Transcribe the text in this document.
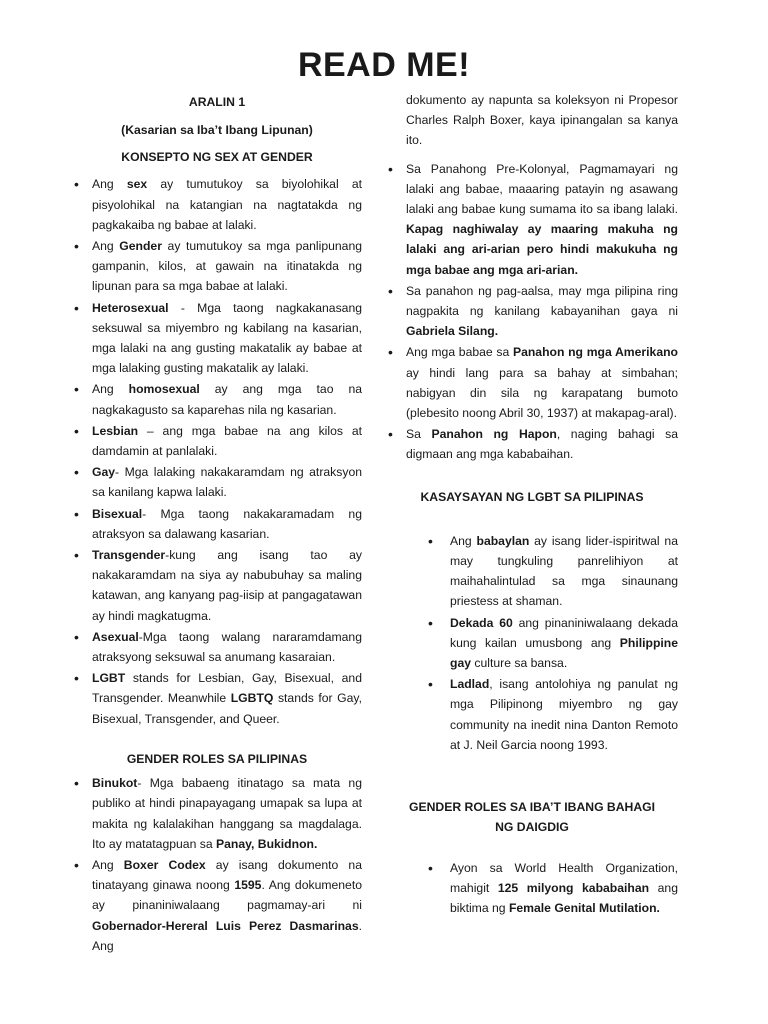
READ ME!

ARALIN 1

(Kasarian sa Iba’t Ibang Lipunan)

KONSEPTO NG SEX AT GENDER

• Ang sex ay tumutukoy sa biyolohikal at pisyolohikal na katangian na nagtatakda ng pagkakaiba ng babae at lalaki.
• Ang Gender ay tumutukoy sa mga panlipunang gampanin, kilos, at gawain na itinatakda ng lipunan para sa mga babae at lalaki.
• Heterosexual - Mga taong nagkakanasang seksuwal sa miyembro ng kabilang na kasarian, mga lalaki na ang gusting makatalik ay babae at mga lalaking gusting makatalik ay lalaki.
• Ang homosexual ay ang mga tao na nagkakagusto sa kaparehas nila ng kasarian.
• Lesbian – ang mga babae na ang kilos at damdamin at panlalaki.
• Gay- Mga lalaking nakakaramdam ng atraksyon sa kanilang kapwa lalaki.
• Bisexual- Mga taong nakakaramadam ng atraksyon sa dalawang kasarian.
• Transgender-kung ang isang tao ay nakakaramdam na siya ay nabubuhay sa maling katawan, ang kanyang pag-iisip at pangagatawan ay hindi magkatugma.
• Asexual-Mga taong walang nararamdamang atraksyong seksuwal sa anumang kasaraian.
• LGBT stands for Lesbian, Gay, Bisexual, and Transgender. Meanwhile LGBTQ stands for Gay, Bisexual, Transgender, and Queer.

GENDER ROLES SA PILIPINAS

• Binukot- Mga babaeng itinatago sa mata ng publiko at hindi pinapayagang umapak sa lupa at makita ng kalalakihan hanggang sa magdalaga. Ito ay matatagpuan sa Panay, Bukidnon.
• Ang Boxer Codex ay isang dokumento na tinatayang ginawa noong 1595. Ang dokumeneto ay pinaniniwalaang pagmamay-ari ni Gobernador-Hereral Luis Perez Dasmarinas. Ang

dokumento ay napunta sa koleksyon ni Propesor Charles Ralph Boxer, kaya ipinangalan sa kanya ito.

• Sa Panahong Pre-Kolonyal, Pagmamayari ng lalaki ang babae, maaaring patayin ng asawang lalaki ang babae kung sumama ito sa ibang lalaki. Kapag naghiwalay ay maaring makuha ng lalaki ang ari-arian pero hindi makukuha ng mga babae ang mga ari-arian.
• Sa panahon ng pag-aalsa, may mga pilipina ring nagpakita ng kanilang kabayanihan gaya ni Gabriela Silang.
• Ang mga babae sa Panahon ng mga Amerikano ay hindi lang para sa bahay at simbahan; nabigyan din sila ng karapatang bumoto (plebesito noong Abril 30, 1937) at makapag-aral).
• Sa Panahon ng Hapon, naging bahagi sa digmaan ang mga kababaihan.

KASAYSAYAN NG LGBT SA PILIPINAS

• Ang babaylan ay isang lider-ispiritwal na may tungkuling panrelihiyon at maihahalintulad sa mga sinaunang priestess at shaman.
• Dekada 60 ang pinaniniwalaang dekada kung kailan umusbong ang Philippine gay culture sa bansa.
• Ladlad, isang antolohiya ng panulat ng mga Pilipinong miyembro ng gay community na inedit nina Danton Remoto at J. Neil Garcia noong 1993.

GENDER ROLES SA IBA’T IBANG BAHAGI NG DAIGDIG

• Ayon sa World Health Organization, mahigit 125 milyong kababaihan ang biktima ng Female Genital Mutilation.
